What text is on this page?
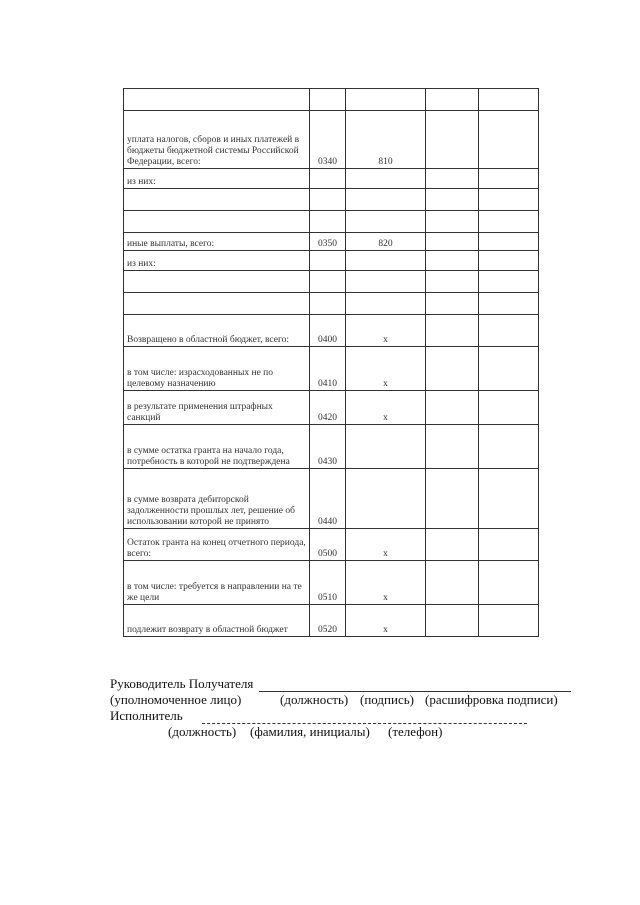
уплата налогов, сборов и иных платежей в бюджеты бюджетной системы Российской Федерации, всего:	0340	810		
из них:				

иные выплаты, всего:	0350	820		
из них:				

Возвращено в областной бюджет, всего:	0400	x		
в том числе: израсходованных не по целевому назначению	0410	x		
в результате применения штрафных санкций	0420	x		
в сумме остатка гранта на начало года, потребность в которой не подтверждена	0430			
в сумме возврата дебиторской задолженности прошлых лет, решение об использовании которой не принято	0440			
Остаток гранта на конец отчетного периода, всего:	0500	x		
в том числе: требуется в направлении на те же цели	0510	x		
подлежит возврату в областной бюджет	0520	x		
Руководитель Получателя
(уполномоченное лицо)	(должность) (подпись) (расшифровка подписи)
Исполнитель
(должность) (фамилия, инициалы) (телефон)
